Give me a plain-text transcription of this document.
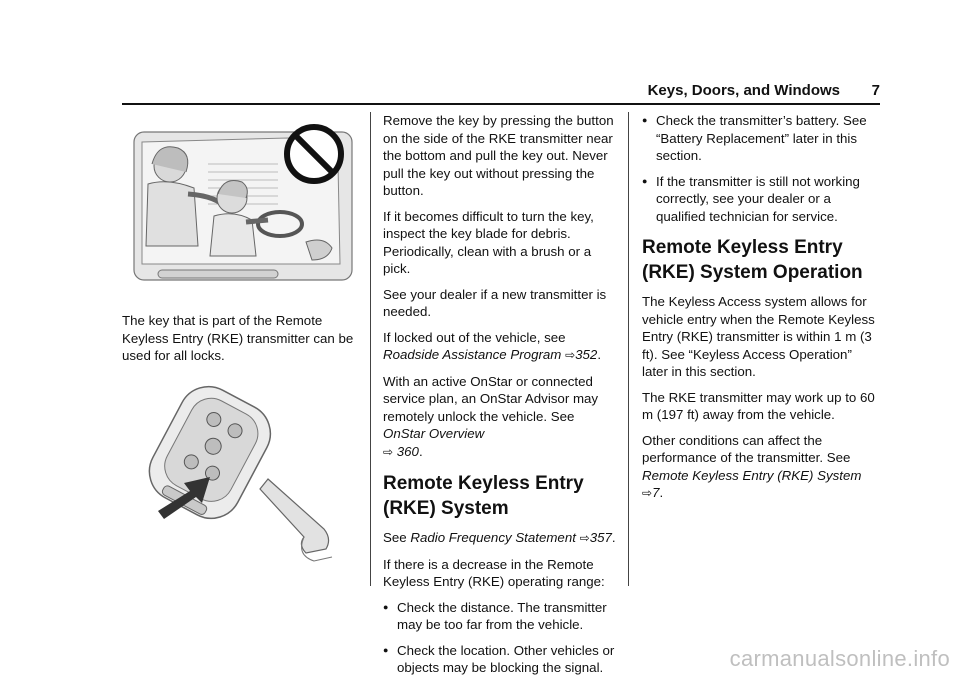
Keys, Doors, and Windows 7

The key that is part of the Remote Keyless Entry (RKE) transmitter can be used for all locks.

Remove the key by pressing the button on the side of the RKE transmitter near the bottom and pull the key out. Never pull the key out without pressing the button.

If it becomes difficult to turn the key, inspect the key blade for debris. Periodically, clean with a brush or a pick.

See your dealer if a new transmitter is needed.

If locked out of the vehicle, see Roadside Assistance Program ⇨352.

With an active OnStar or connected service plan, an OnStar Advisor may remotely unlock the vehicle. See OnStar Overview
⇨ 360.

Remote Keyless Entry (RKE) System

See Radio Frequency Statement ⇨357.

If there is a decrease in the Remote Keyless Entry (RKE) operating range:

● Check the distance. The transmitter may be too far from the vehicle.
● Check the location. Other vehicles or objects may be blocking the signal.
● Check the transmitter’s battery. See “Battery Replacement” later in this section.
● If the transmitter is still not working correctly, see your dealer or a qualified technician for service.
Remote Keyless Entry (RKE) System Operation

The Keyless Access system allows for vehicle entry when the Remote Keyless Entry (RKE) transmitter is within 1 m (3 ft). See “Keyless Access Operation” later in this section.

The RKE transmitter may work up to 60 m (197 ft) away from the vehicle.

Other conditions can affect the performance of the transmitter. See Remote Keyless Entry (RKE) System ⇨7.

carmanualsonline.info
